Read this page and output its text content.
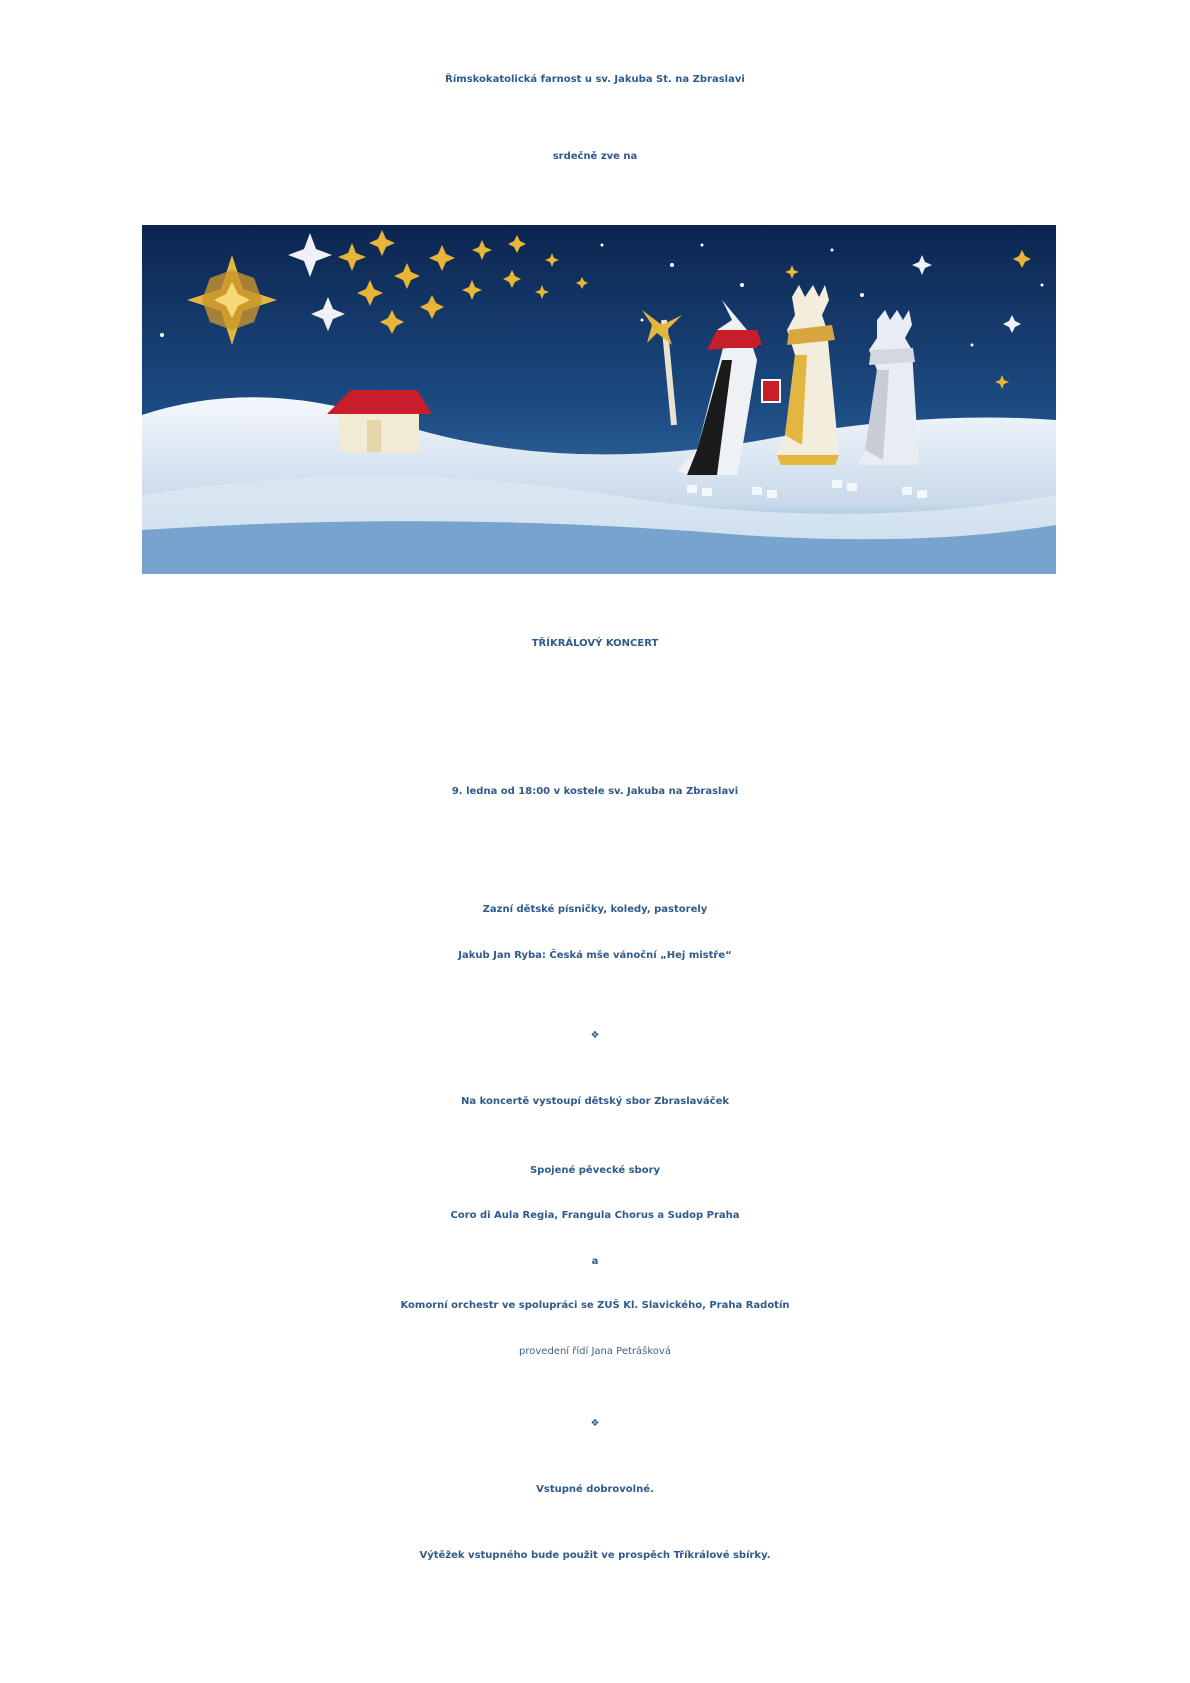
Římskokatolická farnost u sv. Jakuba St. na Zbraslavi
srdečně zve na
TŘÍKRÁLOVÝ KONCERT
9. ledna od 18:00 v kostele sv. Jakuba na Zbraslavi
Zazní dětské písničky, koledy, pastorely
Jakub Jan Ryba: Česká mše vánoční „Hej mistře“
❖
Na koncertě vystoupí dětský sbor Zbraslaváček
Spojené pěvecké sbory
Coro di Aula Regia, Frangula Chorus a Sudop Praha
a
Komorní orchestr ve spolupráci se ZUŠ Kl. Slavického, Praha Radotín
provedení řídí Jana Petrášková
❖
Vstupné dobrovolné.
Výtěžek vstupného bude použit ve prospěch Tříkrálové sbírky.
